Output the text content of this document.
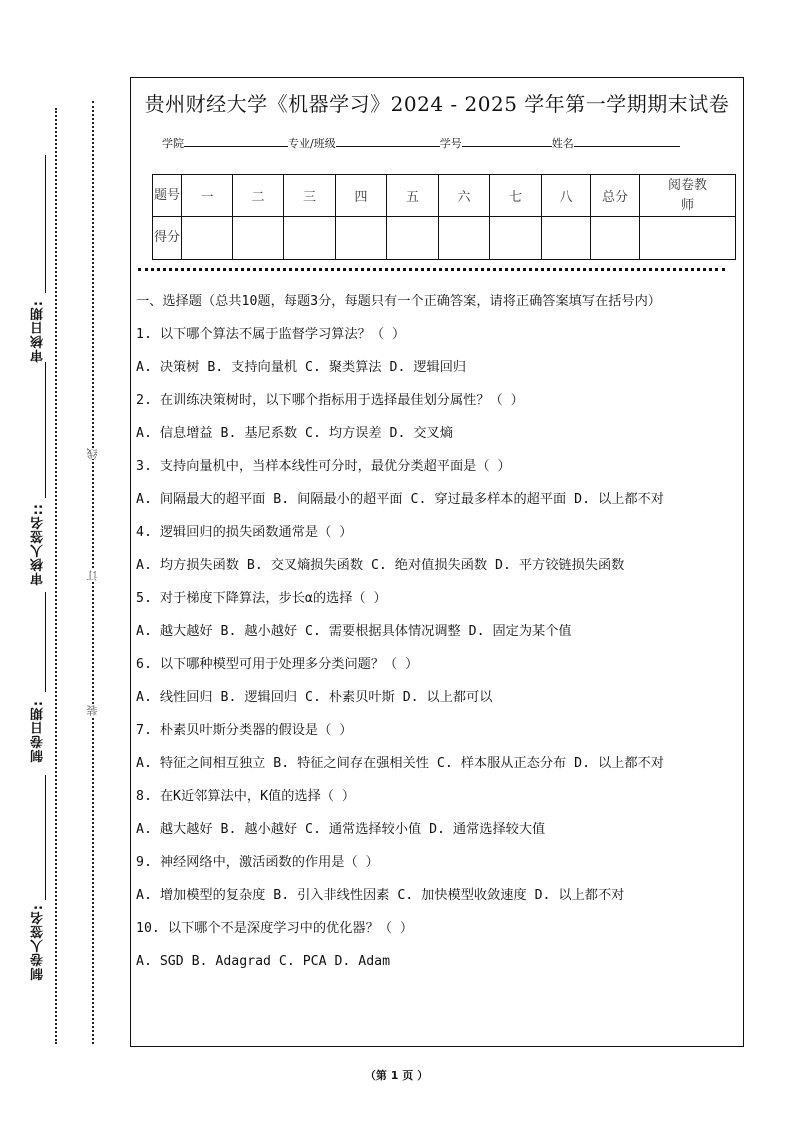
审核日期:
审核人签名::
制卷日期:
制卷人签名:
线
订
装
贵州财经大学《机器学习》2024 - 2025 学年第一学期期末试卷
学院	专业/班级	学号	姓名
题号	一	二	三	四	五	六	七	八	总分	阅卷教师
得分										

一、选择题（总共10题，每题3分，每题只有一个正确答案，请将正确答案填写在括号内）

1. 以下哪个算法不属于监督学习算法？（ ）

A. 决策树 B. 支持向量机 C. 聚类算法 D. 逻辑回归

2. 在训练决策树时，以下哪个指标用于选择最佳划分属性？（ ）

A. 信息增益 B. 基尼系数 C. 均方误差 D. 交叉熵

3. 支持向量机中，当样本线性可分时，最优分类超平面是（ ）

A. 间隔最大的超平面 B. 间隔最小的超平面 C. 穿过最多样本的超平面 D. 以上都不对

4. 逻辑回归的损失函数通常是（ ）

A. 均方损失函数 B. 交叉熵损失函数 C. 绝对值损失函数 D. 平方铰链损失函数

5. 对于梯度下降算法，步长α的选择（ ）

A. 越大越好 B. 越小越好 C. 需要根据具体情况调整 D. 固定为某个值

6. 以下哪种模型可用于处理多分类问题？（ ）

A. 线性回归 B. 逻辑回归 C. 朴素贝叶斯 D. 以上都可以

7. 朴素贝叶斯分类器的假设是（ ）

A. 特征之间相互独立 B. 特征之间存在强相关性 C. 样本服从正态分布 D. 以上都不对

8. 在K近邻算法中，K值的选择（ ）

A. 越大越好 B. 越小越好 C. 通常选择较小值 D. 通常选择较大值

9. 神经网络中，激活函数的作用是（ ）

A. 增加模型的复杂度 B. 引入非线性因素 C. 加快模型收敛速度 D. 以上都不对

10. 以下哪个不是深度学习中的优化器？（ ）

A. SGD B. Adagrad C. PCA D. Adam

（第 1 页 ）
